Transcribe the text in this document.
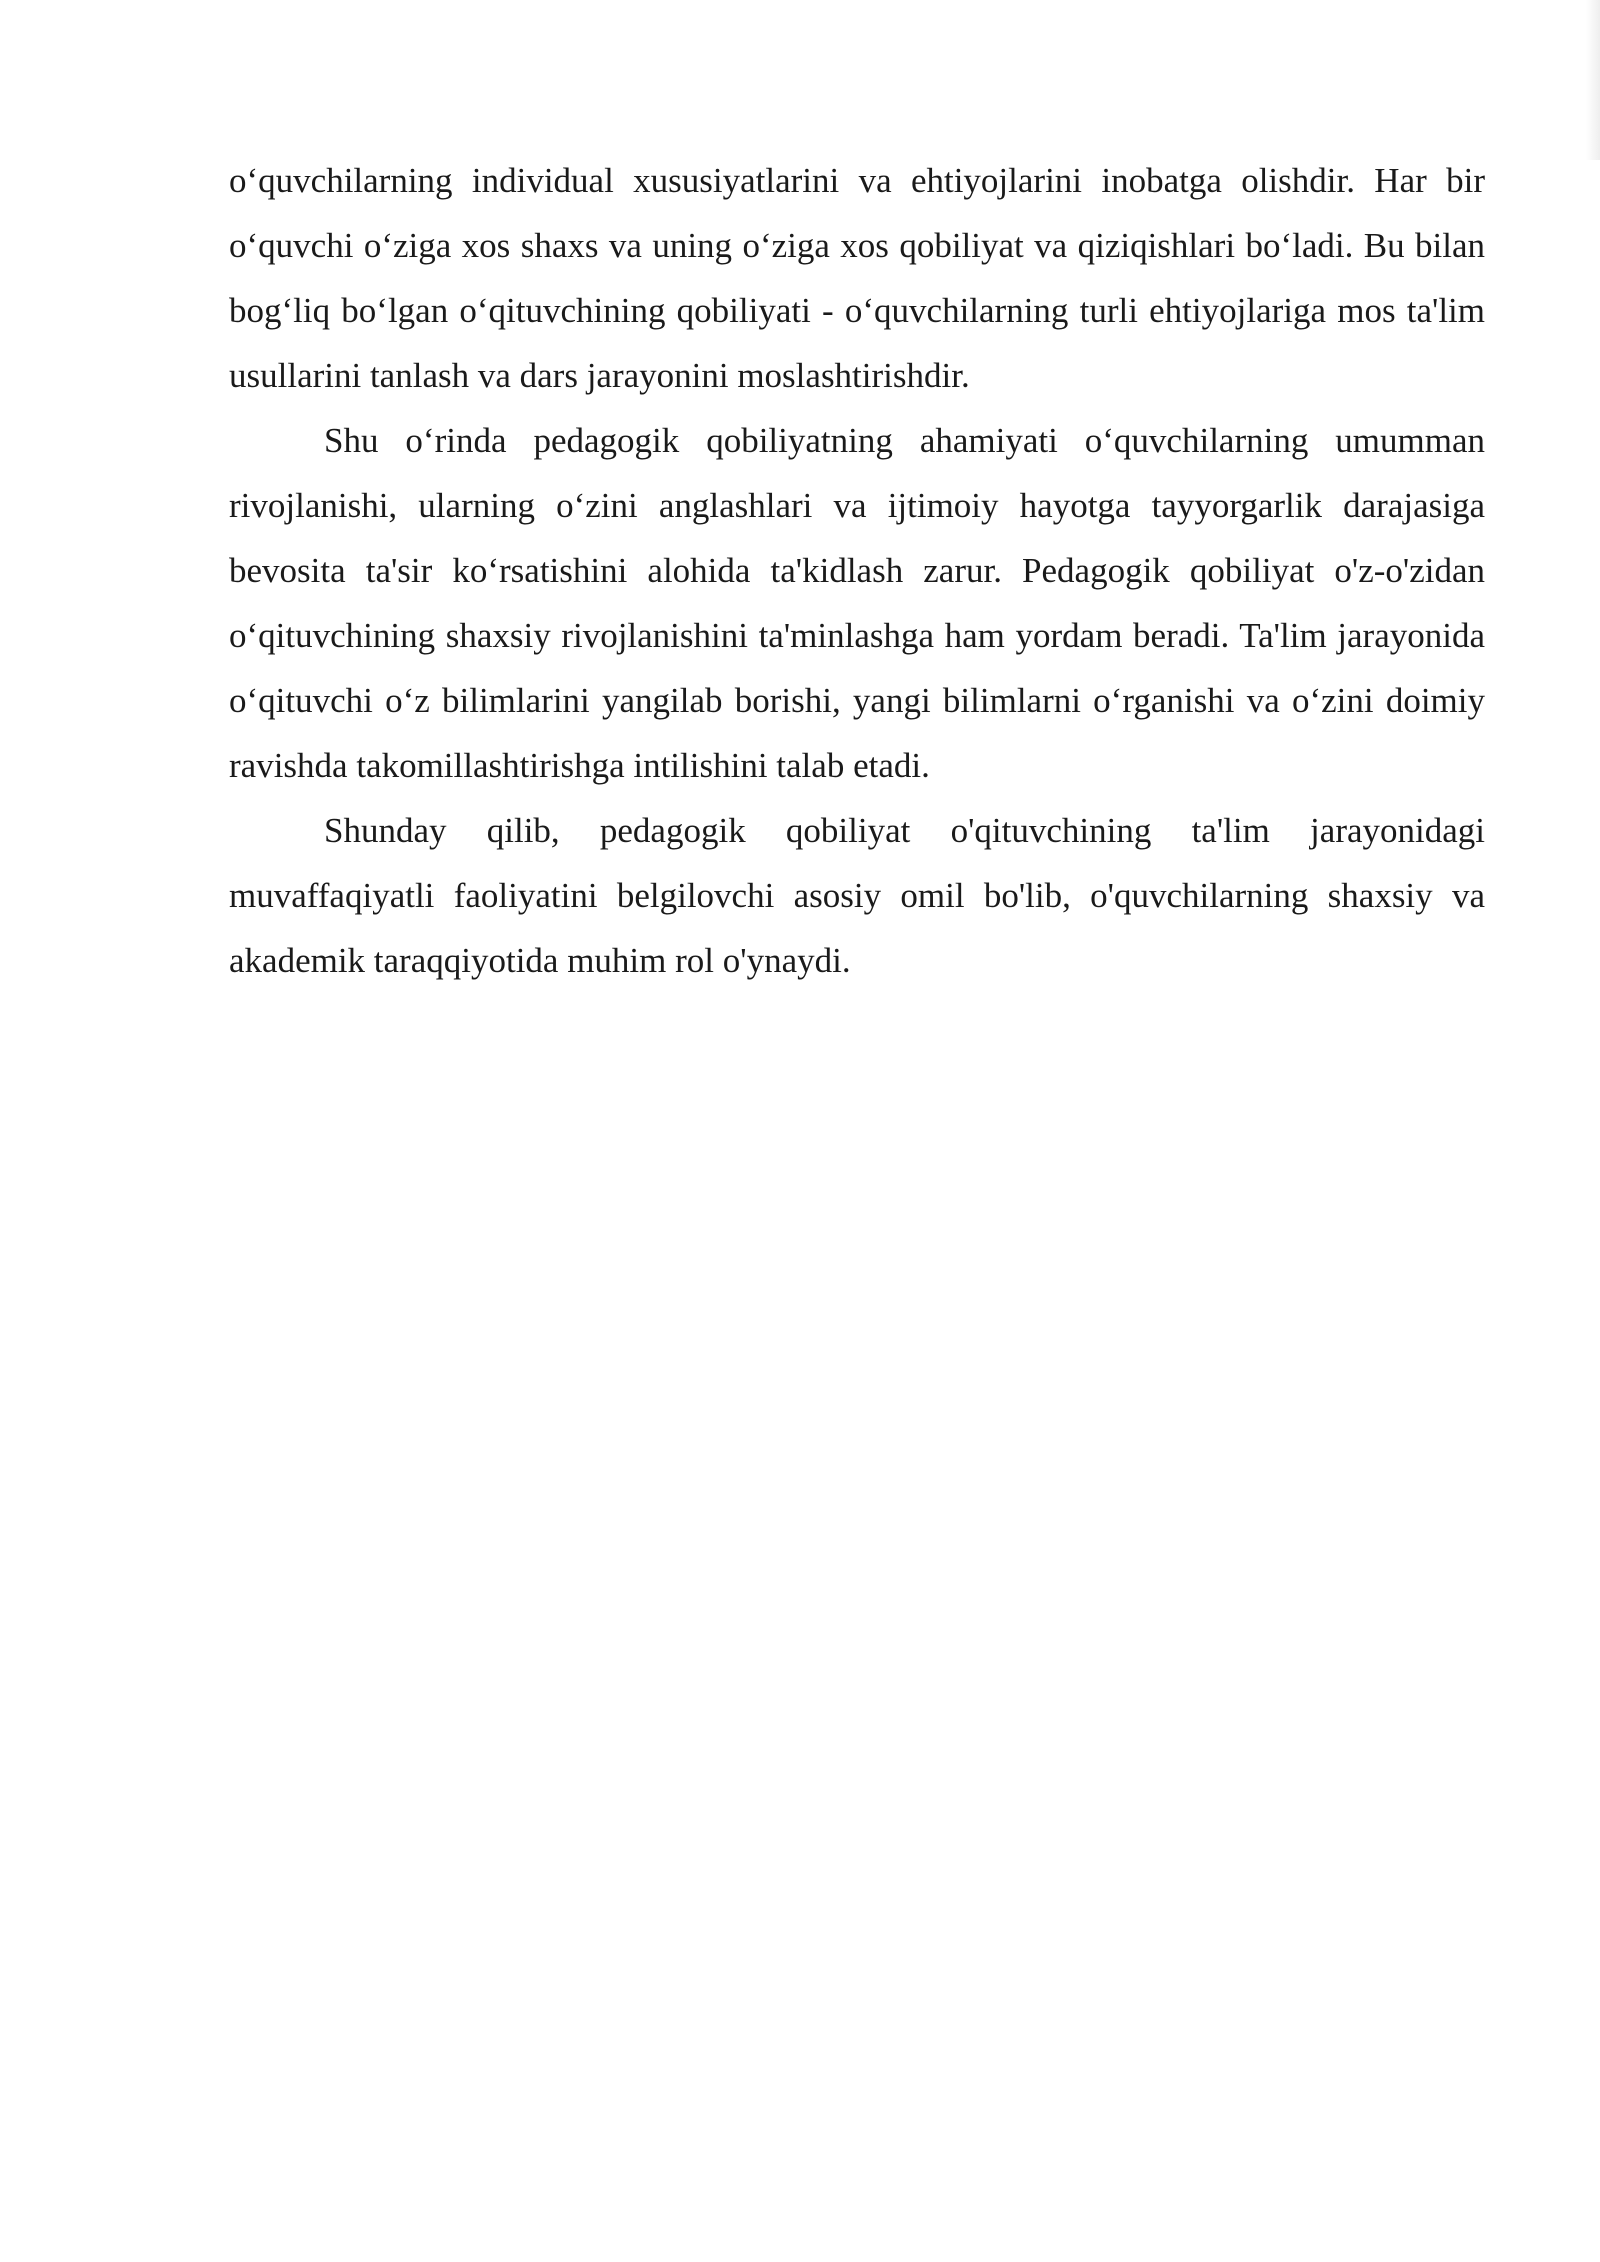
o‘quvchilarning individual xususiyatlarini va ehtiyojlarini inobatga olishdir. Har bir o‘quvchi o‘ziga xos shaxs va uning o‘ziga xos qobiliyat va qiziqishlari bo‘ladi. Bu bilan bog‘liq bo‘lgan o‘qituvchining qobiliyati - o‘quvchilarning turli ehtiyojlariga mos ta'lim usullarini tanlash va dars jarayonini moslashtirishdir.

Shu o‘rinda pedagogik qobiliyatning ahamiyati o‘quvchilarning umumman rivojlanishi, ularning o‘zini anglashlari va ijtimoiy hayotga tayyorgarlik darajasiga bevosita ta'sir ko‘rsatishini alohida ta'kidlash zarur. Pedagogik qobiliyat o'z-o'zidan o‘qituvchining shaxsiy rivojlanishini ta'minlashga ham yordam beradi. Ta'lim jarayonida o‘qituvchi o‘z bilimlarini yangilab borishi, yangi bilimlarni o‘rganishi va o‘zini doimiy ravishda takomillashtirishga intilishini talab etadi.

Shunday qilib, pedagogik qobiliyat o'qituvchining ta'lim jarayonidagi muvaffaqiyatli faoliyatini belgilovchi asosiy omil bo'lib, o'quvchilarning shaxsiy va akademik taraqqiyotida muhim rol o'ynaydi.
